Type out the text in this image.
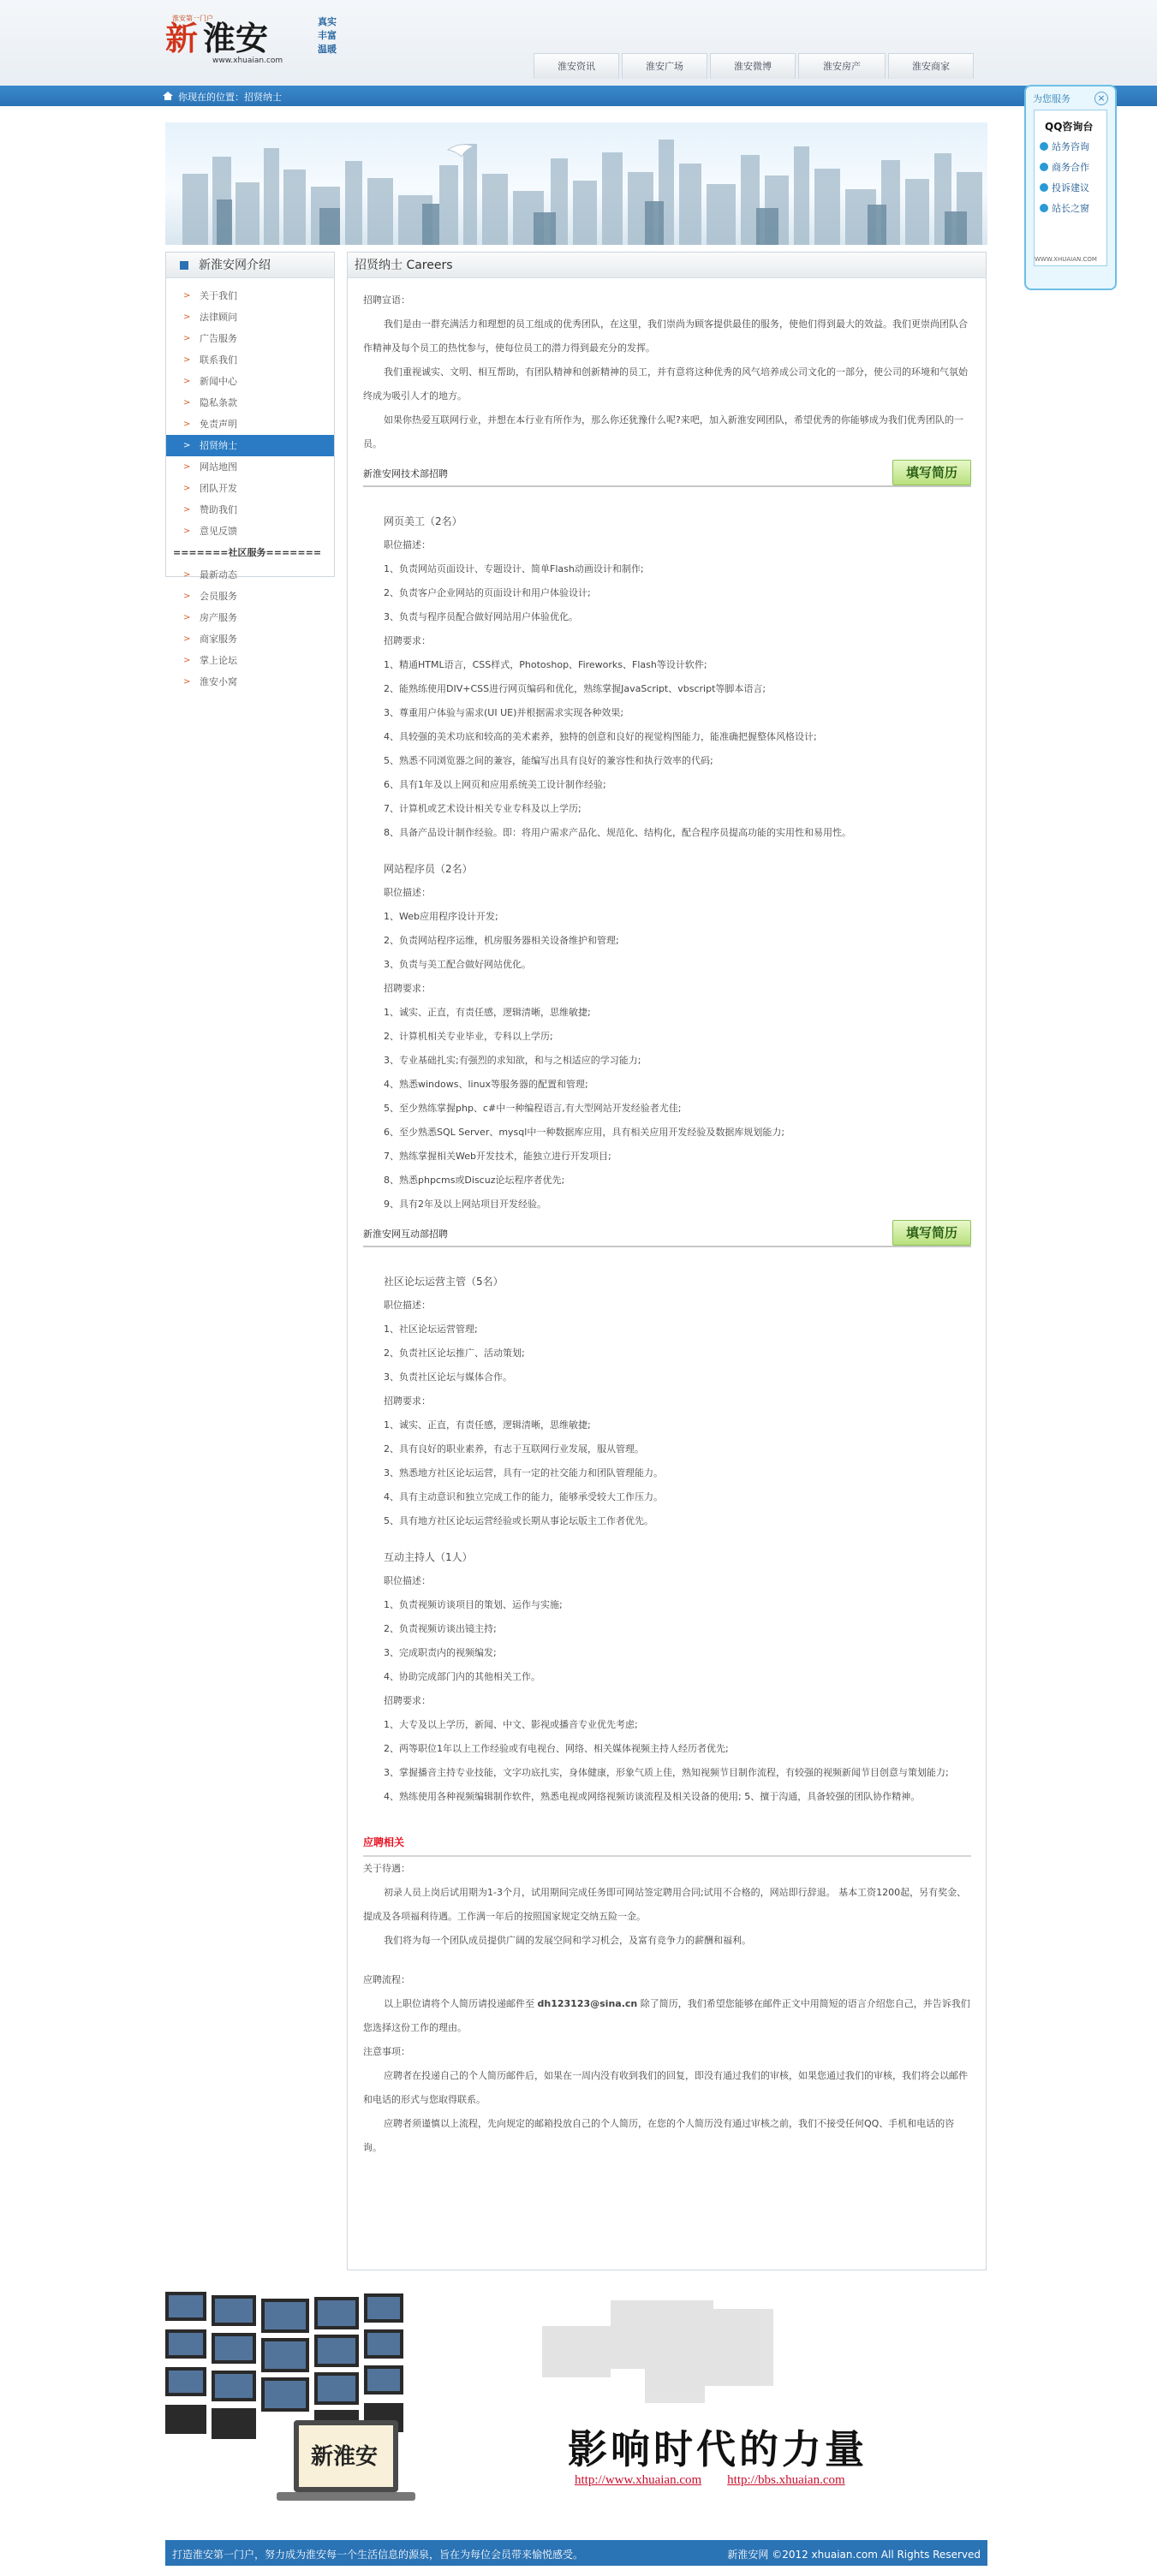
新 淮安
淮安第一门户
www.xhuaian.com
真实
丰富
温暖
淮安资讯	淮安广场	淮安微博	淮安房产	淮安商家
你现在的位置：招贤纳士	为您服务	×
QQ咨询台
站务咨询
商务合作
投诉建议
站长之窗
WWW.XHUAIAN.COM
新淮安网介绍
> 关于我们
> 法律顾问
> 广告服务
> 联系我们
> 新闻中心
> 隐私条款
> 免责声明
> 招贤纳士
> 网站地图
> 团队开发
> 赞助我们
> 意见反馈
=======社区服务=======
> 最新动态
> 会员服务
> 房产服务
> 商家服务
> 掌上论坛
> 淮安小窝
招贤纳士 Careers
招聘宣语：
我们是由一群充满活力和理想的员工组成的优秀团队，在这里，我们崇尚为顾客提供最佳的服务，使他们得到最大的效益。我们更崇尚团队合作精神及每个员工的热忱参与，使每位员工的潜力得到最充分的发挥。
我们重视诚实、文明、相互帮助，有团队精神和创新精神的员工，并有意将这种优秀的风气培养成公司文化的一部分，使公司的环境和气氛始终成为吸引人才的地方。
如果你热爱互联网行业，并想在本行业有所作为，那么你还犹豫什么呢?来吧，加入新淮安网团队，希望优秀的你能够成为我们优秀团队的一员。
新淮安网技术部招聘	填写简历
网页美工（2名）
职位描述：
1、负责网站页面设计、专题设计、简单Flash动画设计和制作;
2、负责客户企业网站的页面设计和用户体验设计;
3、负责与程序员配合做好网站用户体验优化。
招聘要求：
1、精通HTML语言，CSS样式，Photoshop、Fireworks、Flash等设计软件;
2、能熟练使用DIV+CSS进行网页编码和优化，熟练掌握JavaScript、vbscript等脚本语言;
3、尊重用户体验与需求(UI UE)并根据需求实现各种效果;
4、具较强的美术功底和较高的美术素养，独特的创意和良好的视觉构图能力，能准确把握整体风格设计;
5、熟悉不同浏览器之间的兼容，能编写出具有良好的兼容性和执行效率的代码;
6、具有1年及以上网页和应用系统美工设计制作经验;
7、计算机或艺术设计相关专业专科及以上学历;
8、具备产品设计制作经验。即：将用户需求产品化、规范化、结构化，配合程序员提高功能的实用性和易用性。
网站程序员（2名）
职位描述：
1、Web应用程序设计开发;
2、负责网站程序运维，机房服务器相关设备维护和管理;
3、负责与美工配合做好网站优化。
招聘要求：
1、诚实、正直，有责任感，逻辑清晰，思维敏捷;
2、计算机相关专业毕业，专科以上学历;
3、专业基础扎实;有强烈的求知欲，和与之相适应的学习能力;
4、熟悉windows、linux等服务器的配置和管理;
5、至少熟练掌握php、c#中一种编程语言,有大型网站开发经验者尤佳;
6、至少熟悉SQL Server、mysql中一种数据库应用，具有相关应用开发经验及数据库规划能力;
7、熟练掌握相关Web开发技术，能独立进行开发项目;
8、熟悉phpcms或Discuz论坛程序者优先;
9、具有2年及以上网站项目开发经验。
新淮安网互动部招聘	填写简历
社区论坛运营主管（5名）
职位描述：
1、社区论坛运营管理;
2、负责社区论坛推广、活动策划;
3、负责社区论坛与媒体合作。
招聘要求：
1、诚实、正直，有责任感，逻辑清晰，思维敏捷;
2、具有良好的职业素养，有志于互联网行业发展，服从管理。
3、熟悉地方社区论坛运营，具有一定的社交能力和团队管理能力。
4、具有主动意识和独立完成工作的能力，能够承受较大工作压力。
5、具有地方社区论坛运营经验或长期从事论坛版主工作者优先。
互动主持人（1人）
职位描述：
1、负责视频访谈项目的策划、运作与实施;
2、负责视频访谈出镜主持;
3、完成职责内的视频编发;
4、协助完成部门内的其他相关工作。
招聘要求：
1、大专及以上学历，新闻、中文、影视或播音专业优先考虑;
2、两等职位1年以上工作经验或有电视台、网络、相关媒体视频主持人经历者优先;
3、掌握播音主持专业技能，文字功底扎实，身体健康，形象气质上佳，熟知视频节目制作流程，有较强的视频新闻节目创意与策划能力;
4、熟练使用各种视频编辑制作软件，熟悉电视或网络视频访谈流程及相关设备的使用; 5、擅于沟通，具备较强的团队协作精神。
应聘相关
关于待遇：
初录人员上岗后试用期为1-3个月，试用期间完成任务即可网站签定聘用合同;试用不合格的，网站即行辞退。 基本工资1200起，另有奖金、提成及各项福利待遇。工作满一年后的按照国家规定交纳五险一金。
我们将为每一个团队成员提供广阔的发展空间和学习机会，及富有竞争力的薪酬和福利。
应聘流程：
以上职位请将个人简历请投递邮件至 dh123123@sina.cn 除了简历，我们希望您能够在邮件正文中用简短的语言介绍您自己，并告诉我们您选择这份工作的理由。
注意事项：
应聘者在投递自己的个人简历邮件后，如果在一周内没有收到我们的回复，即没有通过我们的审核，如果您通过我们的审核，我们将会以邮件和电话的形式与您取得联系。
应聘者须谨慎以上流程，先向规定的邮箱投放自己的个人简历，在您的个人简历没有通过审核之前，我们不接受任何QQ、手机和电话的咨询。
新淮安	影响时代的力量
http://www.xhuaian.com http://bbs.xhuaian.com
打造淮安第一门户，努力成为淮安每一个生活信息的源泉，旨在为每位会员带来愉悦感受。	新淮安网 ©2012 xhuaian.com All Rights Reserved
